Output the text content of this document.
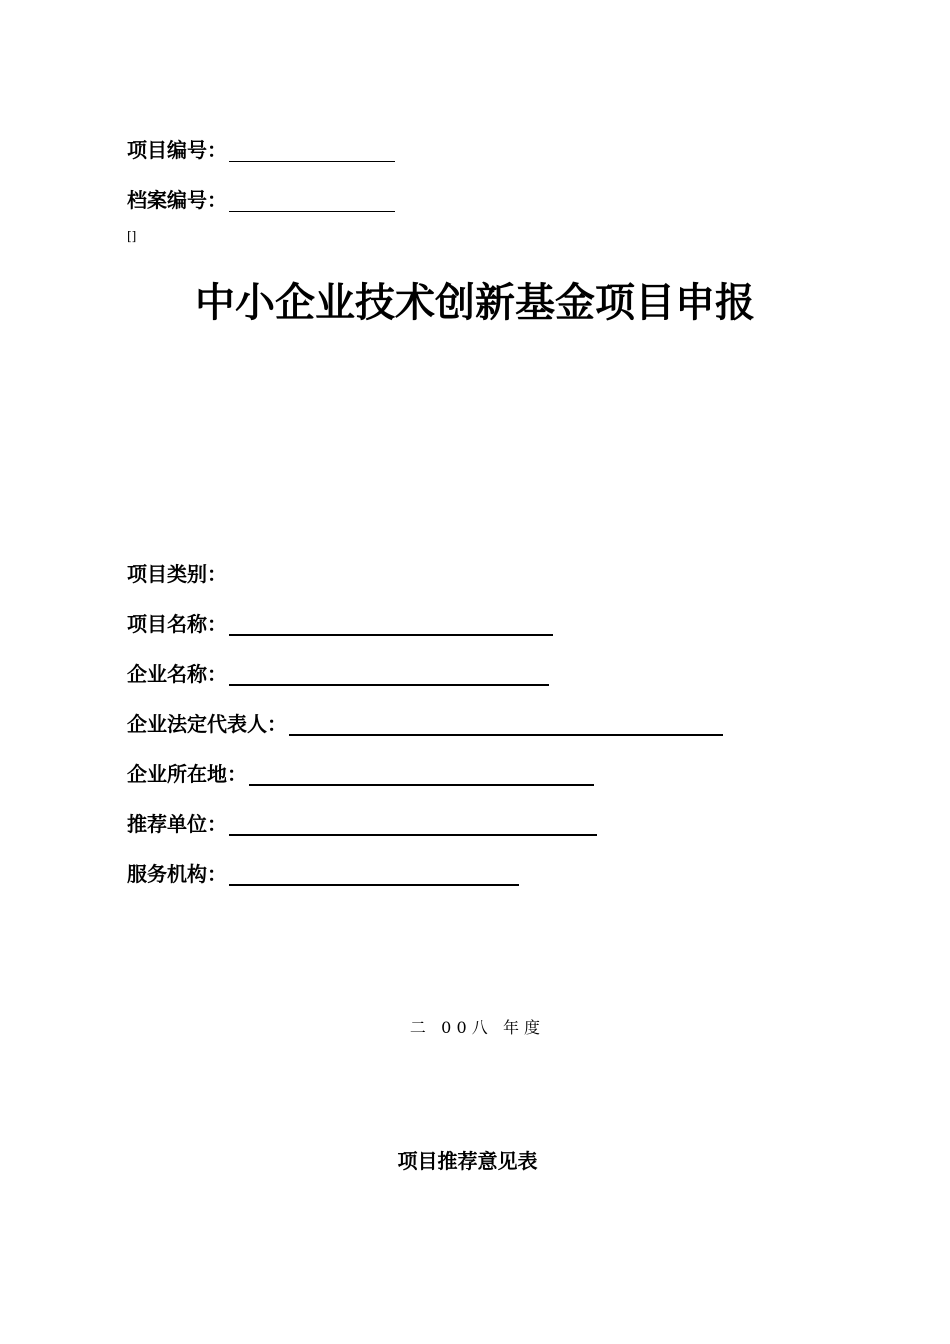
项目编号：
档案编号：
[]
中小企业技术创新基金项目申报
项目类别：
项目名称：
企业名称：
企业法定代表人：
企业所在地：
推荐单位：
服务机构：
二   0 0 八   年 度
项目推荐意见表
